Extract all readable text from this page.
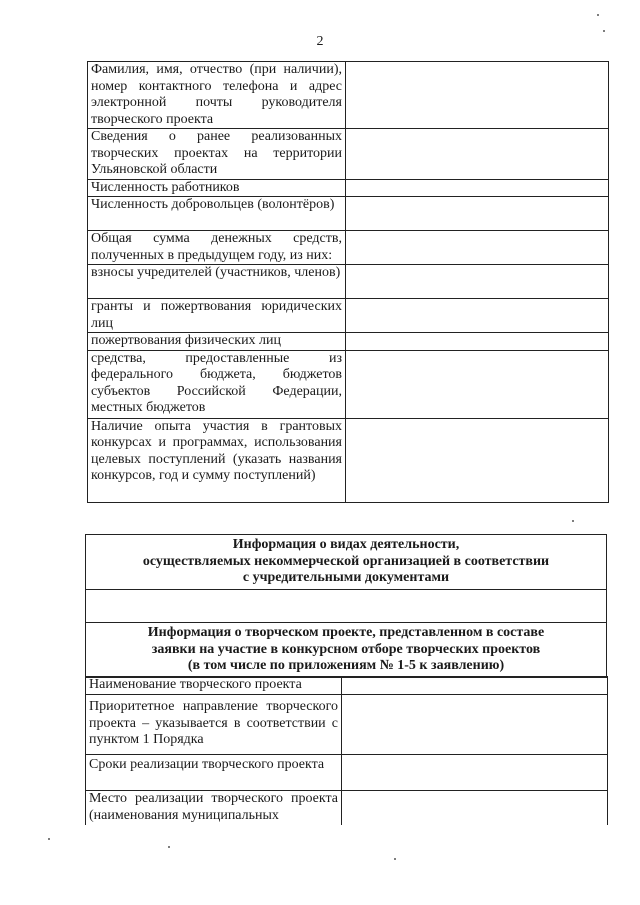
2
Фамилия, имя, отчество (при наличии), номер контактного телефона и адрес электронной почты руководителя творческого проекта	
Сведения о ранее реализованных творческих проектах на территории Ульяновской области	
Численность работников	
Численность добровольцев (волонтёров)	
Общая сумма денежных средств, полученных в предыдущем году, из них:	
взносы учредителей (участников, членов)	
гранты и пожертвования юридических лиц	
пожертвования физических лиц	
средства, предоставленные из федерального бюджета, бюджетов субъектов Российской Федерации, местных бюджетов	
Наличие опыта участия в грантовых конкурсах и программах, использования целевых поступлений (указать названия конкурсов, год и сумму поступлений)	
Информация о видах деятельности,
осуществляемых некоммерческой организацией в соответствии
с учредительными документами

Информация о творческом проекте, представленном в составе
заявки на участие в конкурсном отборе творческих проектов
(в том числе по приложениям № 1-5 к заявлению)
Наименование творческого проекта	
Приоритетное направление творческого проекта – указывается в соответствии с пунктом 1 Порядка	
Сроки реализации творческого проекта	
Место реализации творческого проекта (наименования муниципальных	
